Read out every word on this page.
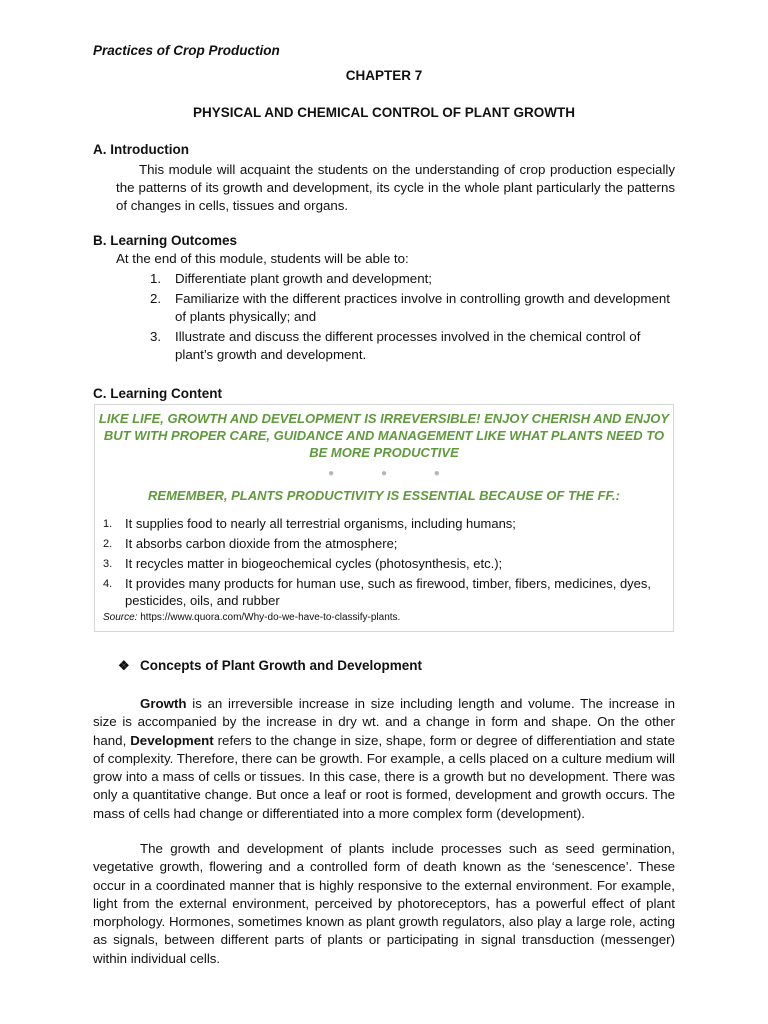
Practices of Crop Production
CHAPTER 7
PHYSICAL AND CHEMICAL CONTROL OF PLANT GROWTH
A. Introduction
This module will acquaint the students on the understanding of crop production especially the patterns of its growth and development, its cycle in the whole plant particularly the patterns of changes in cells, tissues and organs.
B. Learning Outcomes
At the end of this module, students will be able to:
1. Differentiate plant growth and development;
2. Familiarize with the different practices involve in controlling growth and development of plants physically; and
3. Illustrate and discuss the different processes involved in the chemical control of plant’s growth and development.
C. Learning Content
LIKE LIFE, GROWTH AND DEVELOPMENT IS IRREVERSIBLE! ENJOY CHERISH AND ENJOY BUT WITH PROPER CARE, GUIDANCE AND MANAGEMENT LIKE WHAT PLANTS NEED TO BE MORE PRODUCTIVE
● ● ●
REMEMBER, PLANTS PRODUCTIVITY IS ESSENTIAL BECAUSE OF THE FF.:
1. It supplies food to nearly all terrestrial organisms, including humans;
2. It absorbs carbon dioxide from the atmosphere;
3. It recycles matter in biogeochemical cycles (photosynthesis, etc.);
4. It provides many products for human use, such as firewood, timber, fibers, medicines, dyes, pesticides, oils, and rubber
Source: https://www.quora.com/Why-do-we-have-to-classify-plants.
❖ Concepts of Plant Growth and Development

Growth is an irreversible increase in size including length and volume. The increase in size is accompanied by the increase in dry wt. and a change in form and shape. On the other hand, Development refers to the change in size, shape, form or degree of differentiation and state of complexity. Therefore, there can be growth. For example, a cells placed on a culture medium will grow into a mass of cells or tissues. In this case, there is a growth but no development. There was only a quantitative change. But once a leaf or root is formed, development and growth occurs. The mass of cells had change or differentiated into a more complex form (development).

The growth and development of plants include processes such as seed germination, vegetative growth, flowering and a controlled form of death known as the ‘senescence’. These occur in a coordinated manner that is highly responsive to the external environment. For example, light from the external environment, perceived by photoreceptors, has a powerful effect of plant morphology. Hormones, sometimes known as plant growth regulators, also play a large role, acting as signals, between different parts of plants or participating in signal transduction (messenger) within individual cells.
